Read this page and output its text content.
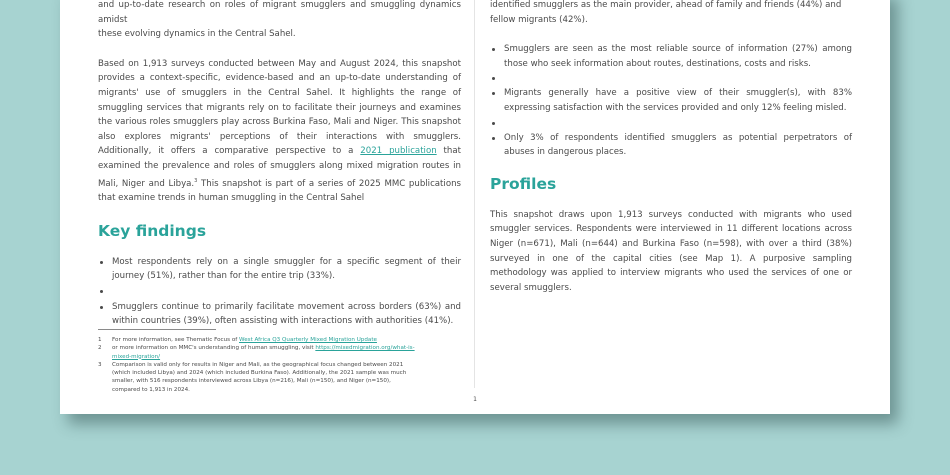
and up-to-date research on roles of migrant smugglers and smuggling dynamics amidst
these evolving dynamics in the Central Sahel.

Based on 1,913 surveys conducted between May and August 2024, this snapshot provides a context-specific, evidence-based and an up-to-date understanding of migrants' use of smugglers in the Central Sahel. It highlights the range of smuggling services that migrants rely on to facilitate their journeys and examines the various roles smugglers play across Burkina Faso, Mali and Niger. This snapshot also explores migrants' perceptions of their interactions with smugglers. Additionally, it offers a comparative perspective to a 2021 publication that examined the prevalence and roles of smugglers along mixed migration routes in Mali, Niger and Libya.$^3$ This snapshot is part of a series of 2025 MMC publications that examine trends in human smuggling in the Central Sahel

Key findings
Most respondents rely on a single smuggler for a specific segment of their journey (51%), rather than for the entire trip (33%).
Smugglers continue to primarily facilitate movement across borders (63%) and within countries (39%), often assisting with interactions with authorities (41%).

identified smugglers as the main provider, ahead of family and friends (44%) and
fellow migrants (42%).

Smugglers are seen as the most reliable source of information (27%) among those who seek information about routes, destinations, costs and risks.
Migrants generally have a positive view of their smuggler(s), with 83% expressing satisfaction with the services provided and only 12% feeling misled.
Only 3% of respondents identified smugglers as potential perpetrators of abuses in dangerous places.
Profiles

This snapshot draws upon 1,913 surveys conducted with migrants who used smuggler services. Respondents were interviewed in 11 different locations across Niger (n=671), Mali (n=644) and Burkina Faso (n=598), with over a third (38%) surveyed in one of the capital cities (see Map 1). A purposive sampling methodology was applied to interview migrants who used the services of one or several smugglers.

1 For more information, see Thematic Focus of West Africa Q3 Quarterly Mixed Migration Update
2 or more information on MMC's understanding of human smuggling, visit https://mixedmigration.org/what-is-mixed-migration/
3 Comparison is valid only for results in Niger and Mali, as the geographical focus changed between 2021 (which included Libya) and 2024 (which included Burkina Faso). Additionally, the 2021 sample was much smaller, with 516 respondents interviewed across Libya (n=216), Mali (n=150), and Niger (n=150), compared to 1,913 in 2024.
1
